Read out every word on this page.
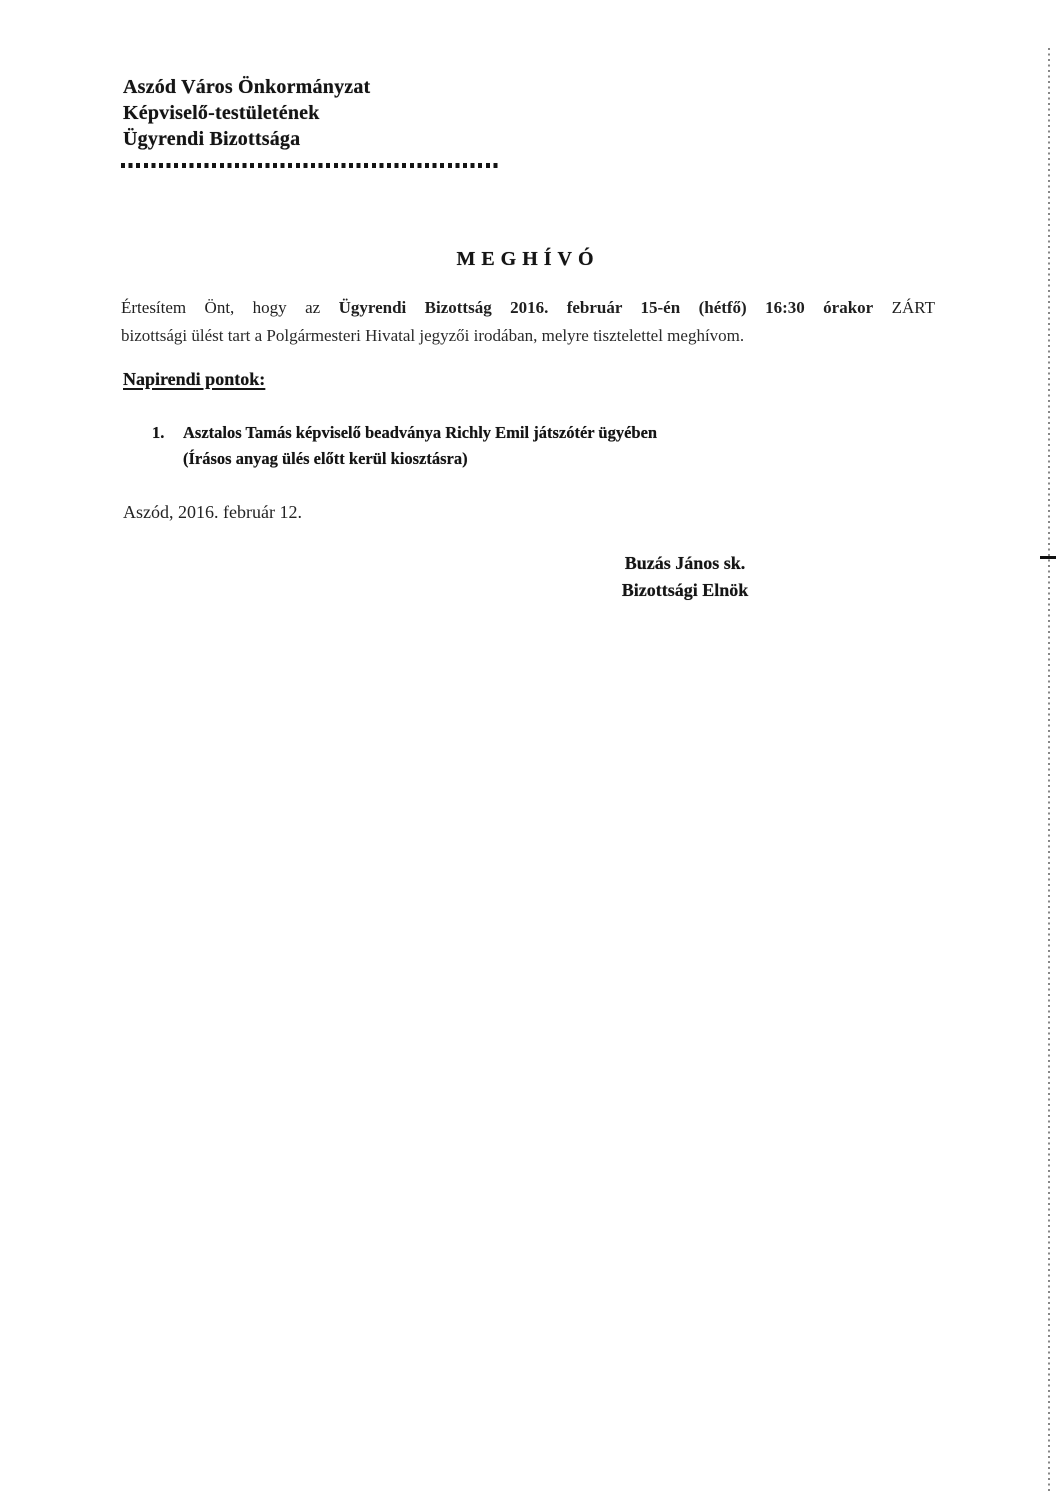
Aszód Város Önkormányzat
Képviselő-testületének
Ügyrendi Bizottsága
MEGHÍVÓ
Értesítem Önt, hogy az Ügyrendi Bizottság 2016. február 15-én (hétfő) 16:30 órakor ZÁRT
bizottsági ülést tart a Polgármesteri Hivatal jegyzői irodában, melyre tisztelettel meghívom.
Napirendi pontok:
1.	Asztalos Tamás képviselő beadványa Richly Emil játszótér ügyében
(Írásos anyag ülés előtt kerül kiosztásra)
Aszód, 2016. február 12.
Buzás János sk.
Bizottsági Elnök
